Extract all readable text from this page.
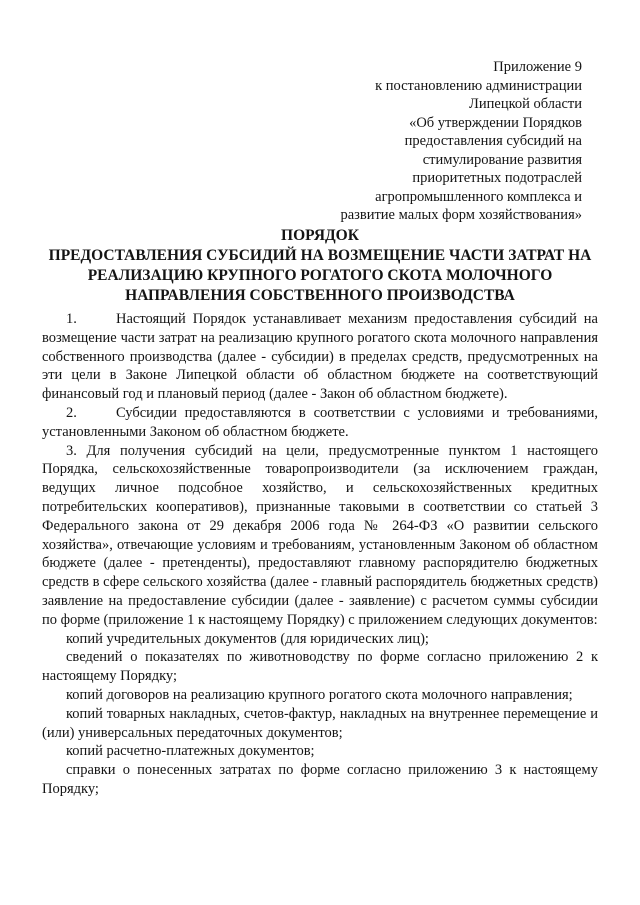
Приложение 9
к постановлению администрации
Липецкой области
«Об утверждении Порядков
предоставления субсидий на
стимулирование развития
приоритетных подотраслей
агропромышленного комплекса и
развитие малых форм хозяйствования»
ПОРЯДОК
ПРЕДОСТАВЛЕНИЯ СУБСИДИЙ НА ВОЗМЕЩЕНИЕ ЧАСТИ ЗАТРАТ НА
РЕАЛИЗАЦИЮ КРУПНОГО РОГАТОГО СКОТА МОЛОЧНОГО
НАПРАВЛЕНИЯ СОБСТВЕННОГО ПРОИЗВОДСТВА

1.	Настоящий Порядок устанавливает механизм предоставления субсидий на возмещение части затрат на реализацию крупного рогатого скота молочного направления собственного производства (далее - субсидии) в пределах средств, предусмотренных на эти цели в Законе Липецкой области об областном бюджете на соответствующий финансовый год и плановый период (далее - Закон об областном бюджете).

2.	Субсидии предоставляются в соответствии с условиями и требованиями, установленными Законом об областном бюджете.

3. Для получения субсидий на цели, предусмотренные пунктом 1 настоящего Порядка, сельскохозяйственные товаропроизводители (за исключением граждан, ведущих личное подсобное хозяйство, и сельскохозяйственных кредитных потребительских кооперативов), признанные таковыми в соответствии со статьей 3 Федерального закона от 29 декабря 2006 года № 264-ФЗ «О развитии сельского хозяйства», отвечающие условиям и требованиям, установленным Законом об областном бюджете (далее - претенденты), предоставляют главному распорядителю бюджетных средств в сфере сельского хозяйства (далее - главный распорядитель бюджетных средств) заявление на предоставление субсидии (далее - заявление) с расчетом суммы субсидии по форме (приложение 1 к настоящему Порядку) с приложением следующих документов:

копий учредительных документов (для юридических лиц);

сведений о показателях по животноводству по форме согласно приложению 2 к настоящему Порядку;

копий договоров на реализацию крупного рогатого скота молочного направления;

копий товарных накладных, счетов-фактур, накладных на внутреннее перемещение и (или) универсальных передаточных документов;

копий расчетно-платежных документов;

справки о понесенных затратах по форме согласно приложению 3 к настоящему Порядку;
